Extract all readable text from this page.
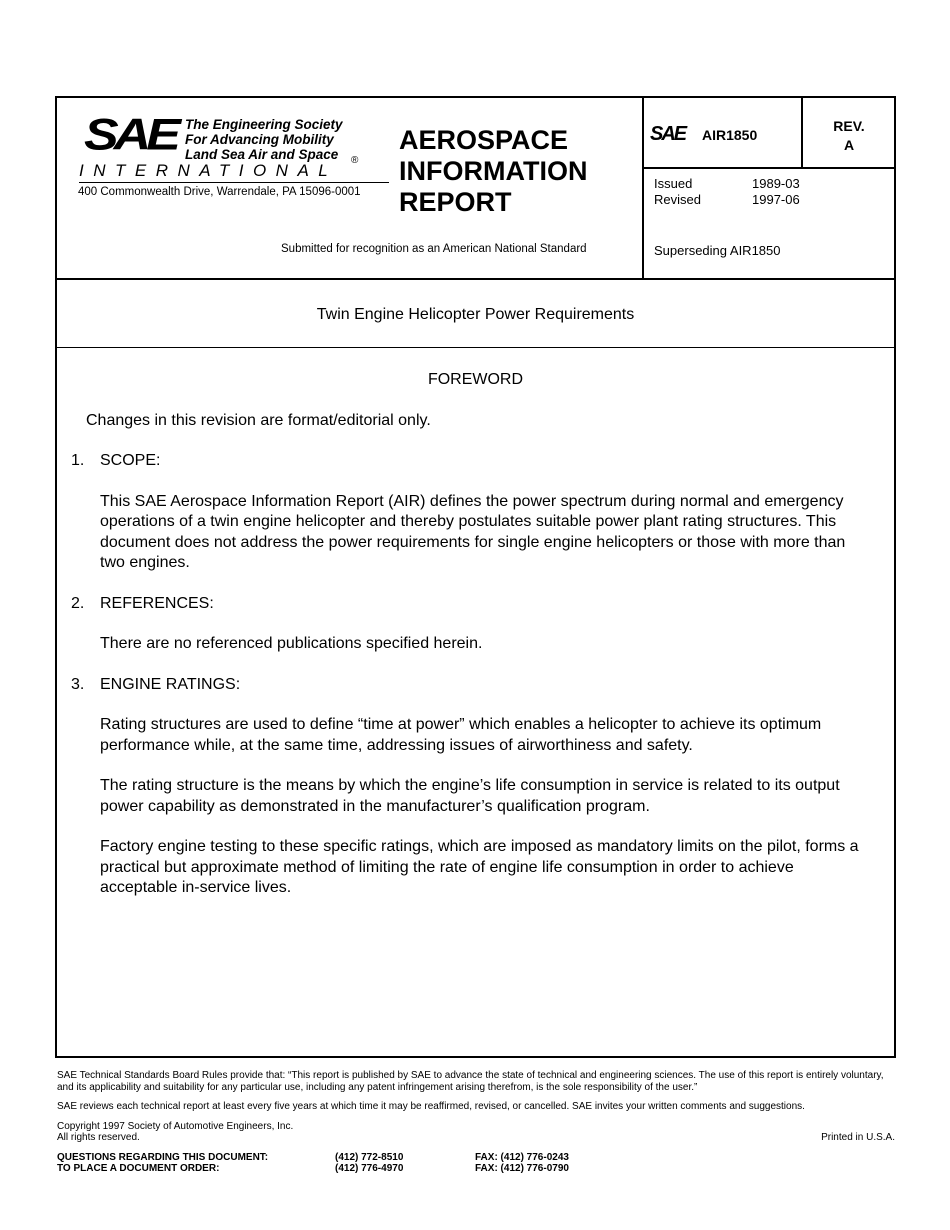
SAE The Engineering Society
For Advancing Mobility
Land Sea Air and Space	®
INTERNATIONAL
400 Commonwealth Drive, Warrendale, PA 15096-0001
AEROSPACE
INFORMATION
REPORT
Submitted for recognition as an American National Standard
SAE AIR1850
REV.
A
Issued	1989-03
Revised	1997-06
Superseding AIR1850
Twin Engine Helicopter Power Requirements

FOREWORD

Changes in this revision are format/editorial only.

1. SCOPE:

This SAE Aerospace Information Report (AIR) defines the power spectrum during normal and emergency operations of a twin engine helicopter and thereby postulates suitable power plant rating structures. This document does not address the power requirements for single engine helicopters or those with more than two engines.

2. REFERENCES:

There are no referenced publications specified herein.

3. ENGINE RATINGS:

Rating structures are used to define “time at power” which enables a helicopter to achieve its optimum performance while, at the same time, addressing issues of airworthiness and safety.

The rating structure is the means by which the engine’s life consumption in service is related to its output power capability as demonstrated in the manufacturer’s qualification program.

Factory engine testing to these specific ratings, which are imposed as mandatory limits on the pilot, forms a practical but approximate method of limiting the rate of engine life consumption in order to achieve acceptable in-service lives.

SAE Technical Standards Board Rules provide that: “This report is published by SAE to advance the state of technical and engineering sciences. The use of this report is entirely voluntary, and its applicability and suitability for any particular use, including any patent infringement arising therefrom, is the sole responsibility of the user.”

SAE reviews each technical report at least every five years at which time it may be reaffirmed, revised, or cancelled. SAE invites your written comments and suggestions.

Copyright 1997 Society of Automotive Engineers, Inc.
All rights reserved.	Printed in U.S.A.
QUESTIONS REGARDING THIS DOCUMENT:	(412) 772-8510	FAX: (412) 776-0243
TO PLACE A DOCUMENT ORDER:	(412) 776-4970	FAX: (412) 776-0790
